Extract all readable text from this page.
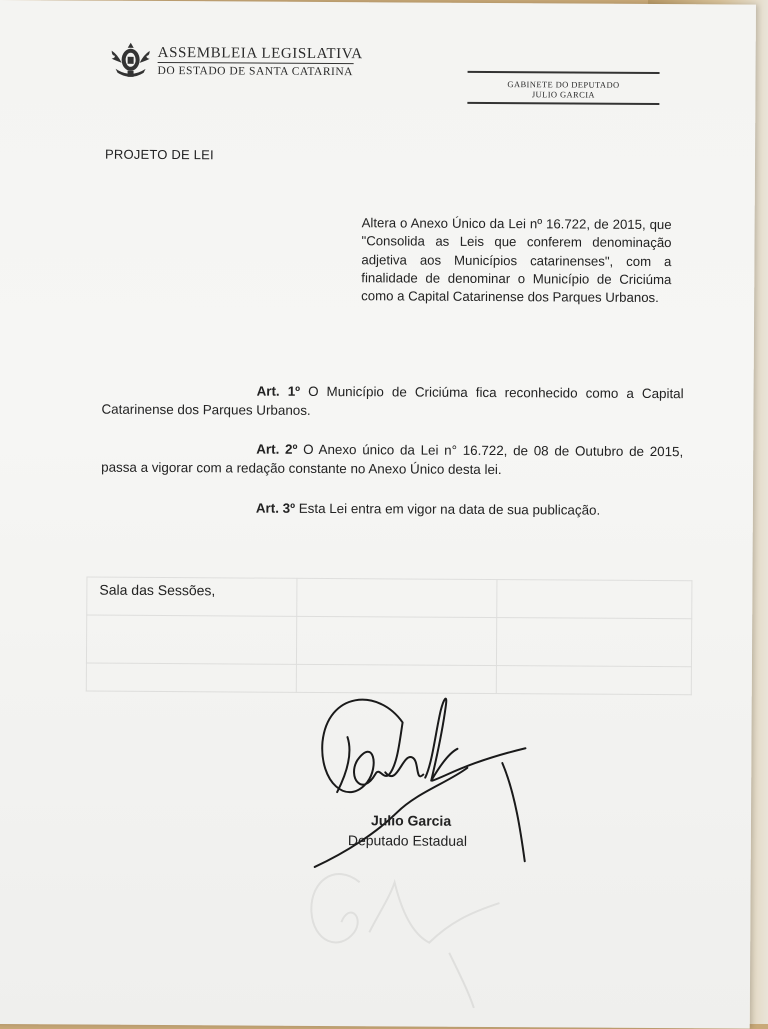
ASSEMBLEIA LEGISLATIVA

DO ESTADO DE SANTA CATARINA

GABINETE DO DEPUTADO
JULIO GARCIA
PROJETO DE LEI

Altera o Anexo Único da Lei nº 16.722, de 2015, que "Consolida as Leis que conferem denominação adjetiva aos Municípios catarinenses", com a finalidade de denominar o Município de Criciúma como a Capital Catarinense dos Parques Urbanos.

Art. 1º O Município de Criciúma fica reconhecido como a Capital Catarinense dos Parques Urbanos.

Art. 2º O Anexo único da Lei n° 16.722, de 08 de Outubro de 2015, passa a vigorar com a redação constante no Anexo Único desta lei.

Art. 3º Esta Lei entra em vigor na data de sua publicação.

Sala das Sessões,

Julio Garcia

Deputado Estadual
